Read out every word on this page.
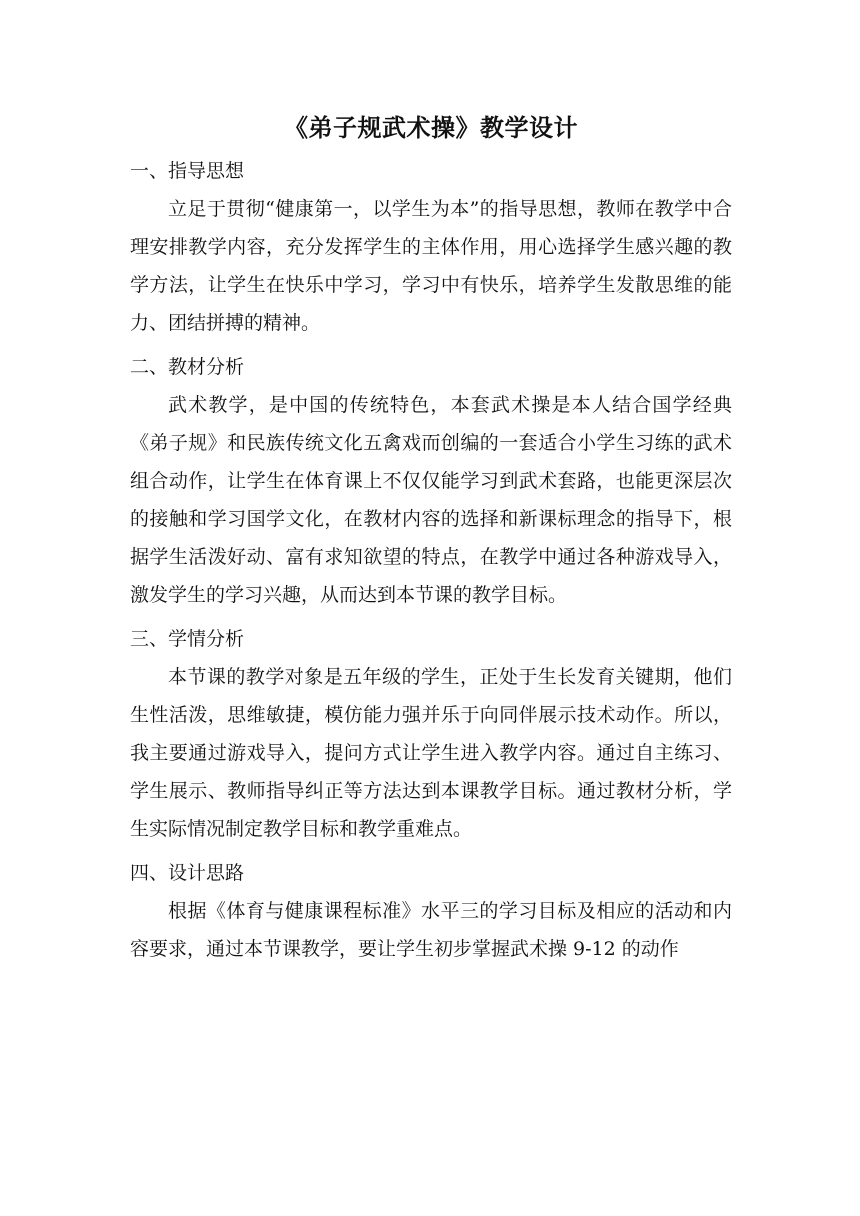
《弟子规武术操》教学设计

一、指导思想

立足于贯彻“健康第一，以学生为本”的指导思想，教师在教学中合理安排教学内容，充分发挥学生的主体作用，用心选择学生感兴趣的教学方法，让学生在快乐中学习，学习中有快乐，培养学生发散思维的能力、团结拼搏的精神。

二、教材分析

武术教学，是中国的传统特色，本套武术操是本人结合国学经典《弟子规》和民族传统文化五禽戏而创编的一套适合小学生习练的武术组合动作，让学生在体育课上不仅仅能学习到武术套路，也能更深层次的接触和学习国学文化，在教材内容的选择和新课标理念的指导下，根据学生活泼好动、富有求知欲望的特点，在教学中通过各种游戏导入，激发学生的学习兴趣，从而达到本节课的教学目标。

三、学情分析

本节课的教学对象是五年级的学生，正处于生长发育关键期，他们生性活泼，思维敏捷，模仿能力强并乐于向同伴展示技术动作。所以，我主要通过游戏导入，提问方式让学生进入教学内容。通过自主练习、学生展示、教师指导纠正等方法达到本课教学目标。通过教材分析，学生实际情况制定教学目标和教学重难点。

四、设计思路

根据《体育与健康课程标准》水平三的学习目标及相应的活动和内容要求，通过本节课教学，要让学生初步掌握武术操 9-12 的动作
